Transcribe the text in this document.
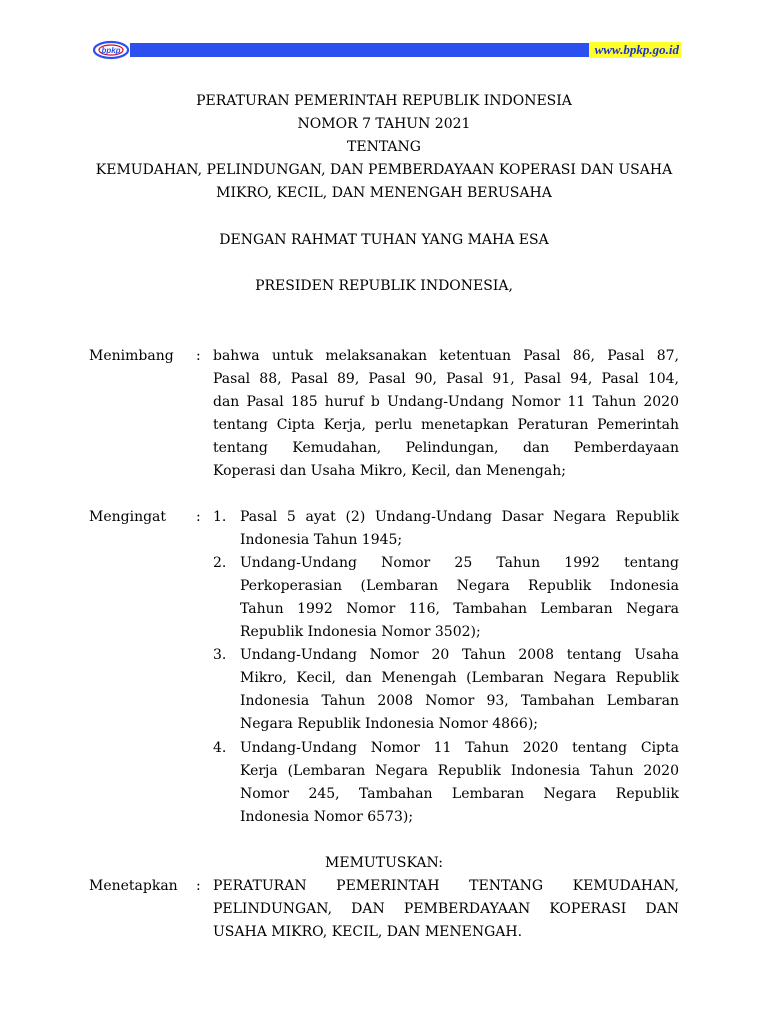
bpkp	www.bpkp.go.id
PERATURAN PEMERINTAH REPUBLIK INDONESIA
NOMOR 7 TAHUN 2021
TENTANG
KEMUDAHAN, PELINDUNGAN, DAN PEMBERDAYAAN KOPERASI DAN USAHA
MIKRO, KECIL, DAN MENENGAH BERUSAHA
DENGAN RAHMAT TUHAN YANG MAHA ESA
PRESIDEN REPUBLIK INDONESIA,
Menimbang : bahwa untuk melaksanakan ketentuan Pasal 86, Pasal 87,
Pasal 88, Pasal 89, Pasal 90, Pasal 91, Pasal 94, Pasal 104,
dan Pasal 185 huruf b Undang-Undang Nomor 11 Tahun 2020
tentang Cipta Kerja, perlu menetapkan Peraturan Pemerintah
tentang Kemudahan, Pelindungan, dan Pemberdayaan
Koperasi dan Usaha Mikro, Kecil, dan Menengah;
Mengingat : 1. Pasal 5 ayat (2) Undang-Undang Dasar Negara Republik
Indonesia Tahun 1945;
2. Undang-Undang Nomor 25 Tahun 1992 tentang
Perkoperasian (Lembaran Negara Republik Indonesia
Tahun 1992 Nomor 116, Tambahan Lembaran Negara
Republik Indonesia Nomor 3502);
3. Undang-Undang Nomor 20 Tahun 2008 tentang Usaha
Mikro, Kecil, dan Menengah (Lembaran Negara Republik
Indonesia Tahun 2008 Nomor 93, Tambahan Lembaran
Negara Republik Indonesia Nomor 4866);
4. Undang-Undang Nomor 11 Tahun 2020 tentang Cipta
Kerja (Lembaran Negara Republik Indonesia Tahun 2020
Nomor 245, Tambahan Lembaran Negara Republik
Indonesia Nomor 6573);
MEMUTUSKAN:
Menetapkan : PERATURAN PEMERINTAH TENTANG KEMUDAHAN,
PELINDUNGAN, DAN PEMBERDAYAAN KOPERASI DAN
USAHA MIKRO, KECIL, DAN MENENGAH.
